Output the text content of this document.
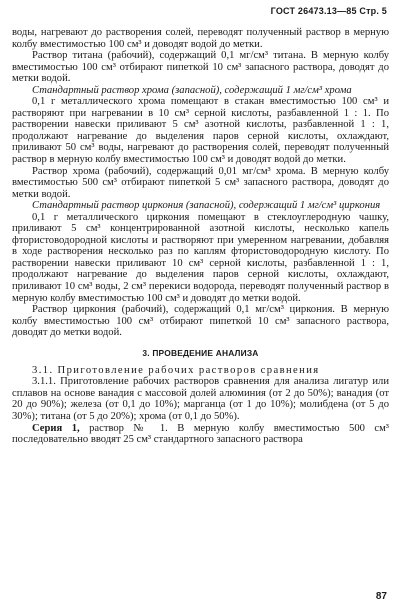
ГОСТ 26473.13—85 Стр. 5

воды, нагревают до растворения солей, переводят полученный раствор в мерную колбу вместимостью 100 см³ и доводят водой до метки.

Раствор титана (рабочий), содержащий 0,1 мг/см³ титана. В мерную колбу вместимостью 100 см³ отбирают пипеткой 10 см³ запасного раствора, доводят до метки водой.

Стандартный раствор хрома (запасной), содержащий 1 мг/см³ хрома

0,1 г металлического хрома помещают в стакан вместимостью 100 см³ и растворяют при нагревании в 10 см³ серной кислоты, разбавленной 1 : 1. По растворении навески приливают 5 см³ азотной кислоты, разбавленной 1 : 1, продолжают нагревание до выделения паров серной кислоты, охлаждают, приливают 50 см³ воды, нагревают до растворения солей, переводят полученный раствор в мерную колбу вместимостью 100 см³ и доводят водой до метки.

Раствор хрома (рабочий), содержащий 0,01 мг/см³ хрома. В мерную колбу вместимостью 500 см³ отбирают пипеткой 5 см³ запасного раствора, доводят до метки водой.

Стандартный раствор циркония (запасной), содержащий 1 мг/см³ циркония

0,1 г металлического циркония помещают в стеклоуглеродную чашку, приливают 5 см³ концентрированной азотной кислоты, несколько капель фтористоводородной кислоты и растворяют при умеренном нагревании, добавляя в ходе растворения несколько раз по каплям фтористоводородную кислоту. По растворении навески приливают 10 см³ серной кислоты, разбавленной 1 : 1, продолжают нагревание до выделения паров серной кислоты, охлаждают, приливают 10 см³ воды, 2 см³ перекиси водорода, переводят полученный раствор в мерную колбу вместимостью 100 см³ и доводят до метки водой.

Раствор циркония (рабочий), содержащий 0,1 мг/см³ циркония. В мерную колбу вместимостью 100 см³ отбирают пипеткой 10 см³ запасного раствора, доводят до метки водой.

3. ПРОВЕДЕНИЕ АНАЛИЗА

3.1. Приготовление рабочих растворов сравнения

3.1.1. Приготовление рабочих растворов сравнения для анализа лигатур или сплавов на основе ванадия с массовой долей алюминия (от 2 до 50%); ванадия (от 20 до 90%); железа (от 0,1 до 10%); марганца (от 1 до 10%); молибдена (от 5 до 30%); титана (от 5 до 20%); хрома (от 0,1 до 50%).

Серия 1, раствор № 1. В мерную колбу вместимостью 500 см³ последовательно вводят 25 см³ стандартного запасного раствора

87
